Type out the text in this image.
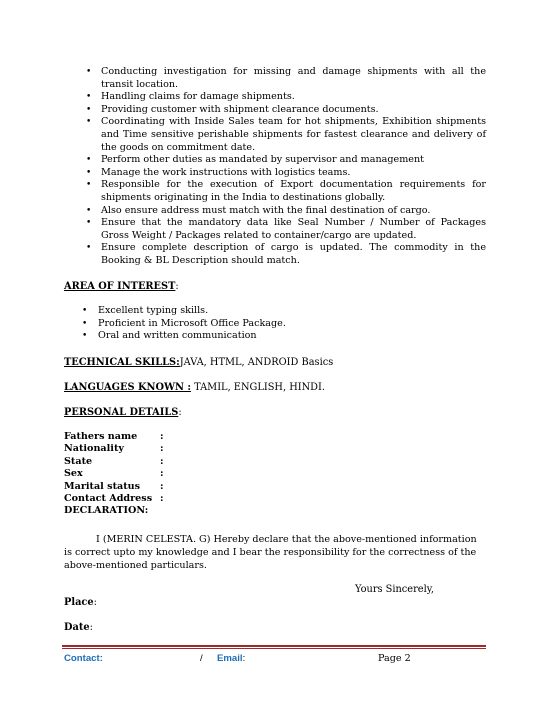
• Conducting investigation for missing and damage shipments with all the transit location.
• Handling claims for damage shipments.
• Providing customer with shipment clearance documents.
• Coordinating with Inside Sales team for hot shipments, Exhibition shipments and Time sensitive perishable shipments for fastest clearance and delivery of the goods on commitment date.
• Perform other duties as mandated by supervisor and management
• Manage the work instructions with logistics teams.
• Responsible for the execution of Export documentation requirements for shipments originating in the India to destinations globally.
• Also ensure address must match with the final destination of cargo.
• Ensure that the mandatory data like Seal Number / Number of Packages Gross Weight / Packages related to container/cargo are updated.
• Ensure complete description of cargo is updated. The commodity in the Booking & BL Description should match.
AREA OF INTEREST:
• Excellent typing skills.
• Proficient in Microsoft Office Package.
• Oral and written communication
TECHNICAL SKILLS:JAVA, HTML, ANDROID Basics
LANGUAGES KNOWN : TAMIL, ENGLISH, HINDI.
PERSONAL DETAILS:
Fathers name	:
Nationality	:
State	:
Sex	:
Marital status	:
Contact Address :
DECLARATION:
I (MERIN CELESTA. G) Hereby declare that the above-mentioned information is correct upto my knowledge and I bear the responsibility for the correctness of the above-mentioned particulars.
Yours Sincerely,
Place:
Date:
Contact:	/ Email:	Page 2
